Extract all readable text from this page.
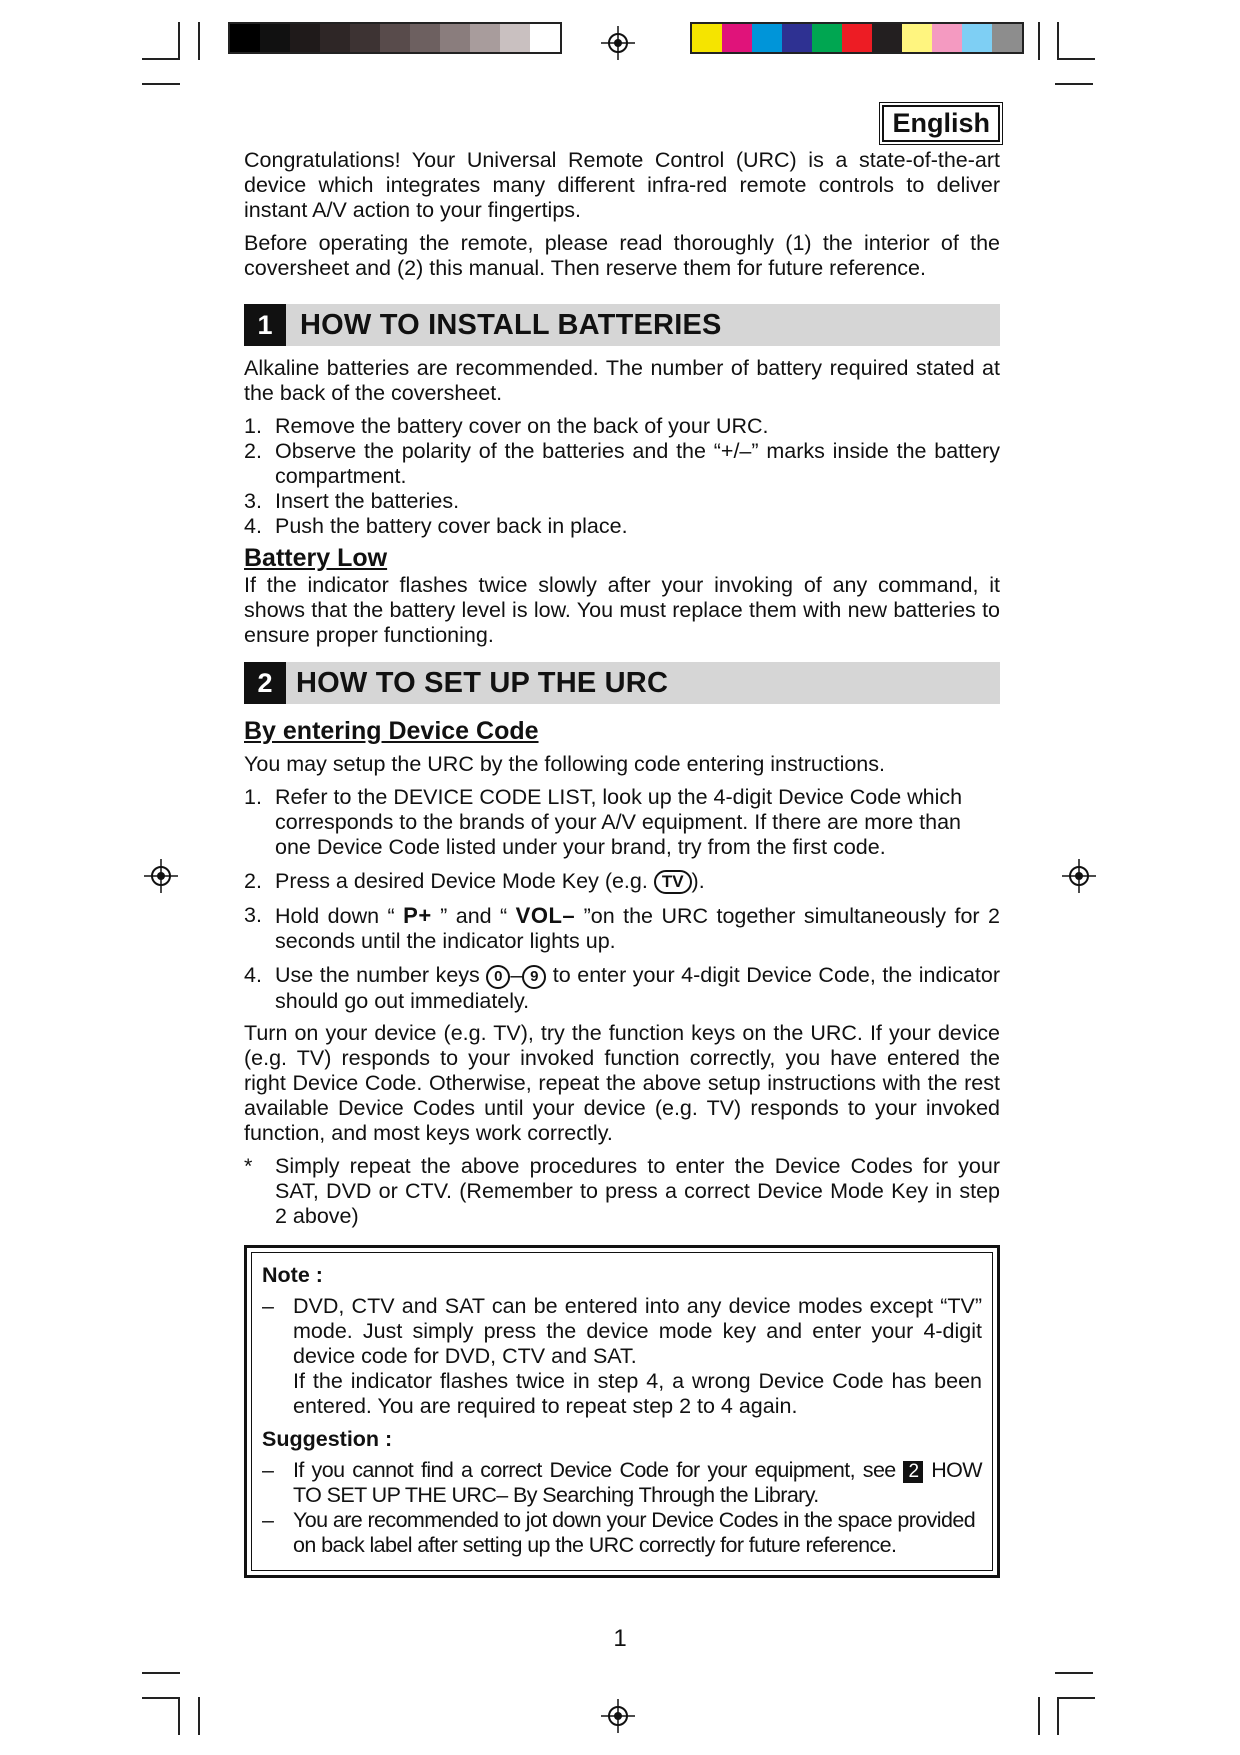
English

Congratulations! Your Universal Remote Control (URC) is a state-of-the-art device which integrates many different infra-red remote controls to deliver instant A/V action to your fingertips.

Before operating the remote, please read thoroughly (1) the interior of the coversheet and (2) this manual. Then reserve them for future reference.

1 HOW TO INSTALL BATTERIES

Alkaline batteries are recommended. The number of battery required stated at the back of the coversheet.

1. Remove the battery cover on the back of your URC.
2. Observe the polarity of the batteries and the “+/–” marks inside the battery compartment.
3. Insert the batteries.
4. Push the battery cover back in place.
Battery Low

If the indicator flashes twice slowly after your invoking of any command, it shows that the battery level is low. You must replace them with new batteries to ensure proper functioning.

2 HOW TO SET UP THE URC
By entering Device Code

You may setup the URC by the following code entering instructions.

1. Refer to the DEVICE CODE LIST, look up the 4-digit Device Code which corresponds to the brands of your A/V equipment. If there are more than one Device Code listed under your brand, try from the first code.
2. Press a desired Device Mode Key (e.g. TV ).
3. Hold down “ P+ ” and “ VOL– ”on the URC together simultaneously for 2 seconds until the indicator lights up.
4. Use the number keys 0 – 9 to enter your 4-digit Device Code, the indicator should go out immediately.

Turn on your device (e.g. TV), try the function keys on the URC. If your device (e.g. TV) responds to your invoked function correctly, you have entered the right Device Code. Otherwise, repeat the above setup instructions with the rest available Device Codes until your device (e.g. TV) responds to your invoked function, and most keys work correctly.

*	Simply repeat the above procedures to enter the Device Codes for your SAT, DVD or CTV. (Remember to press a correct Device Mode Key in step 2 above)
Note :
– DVD, CTV and SAT can be entered into any device modes except “TV” mode. Just simply press the device mode key and enter your 4-digit device code for DVD, CTV and SAT.
If the indicator flashes twice in step 4, a wrong Device Code has been entered. You are required to repeat step 2 to 4 again.
Suggestion :
– If you cannot find a correct Device Code for your equipment, see 2 HOW TO SET UP THE URC– By Searching Through the Library.
– You are recommended to jot down your Device Codes in the space provided on back label after setting up the URC correctly for future reference.
1
